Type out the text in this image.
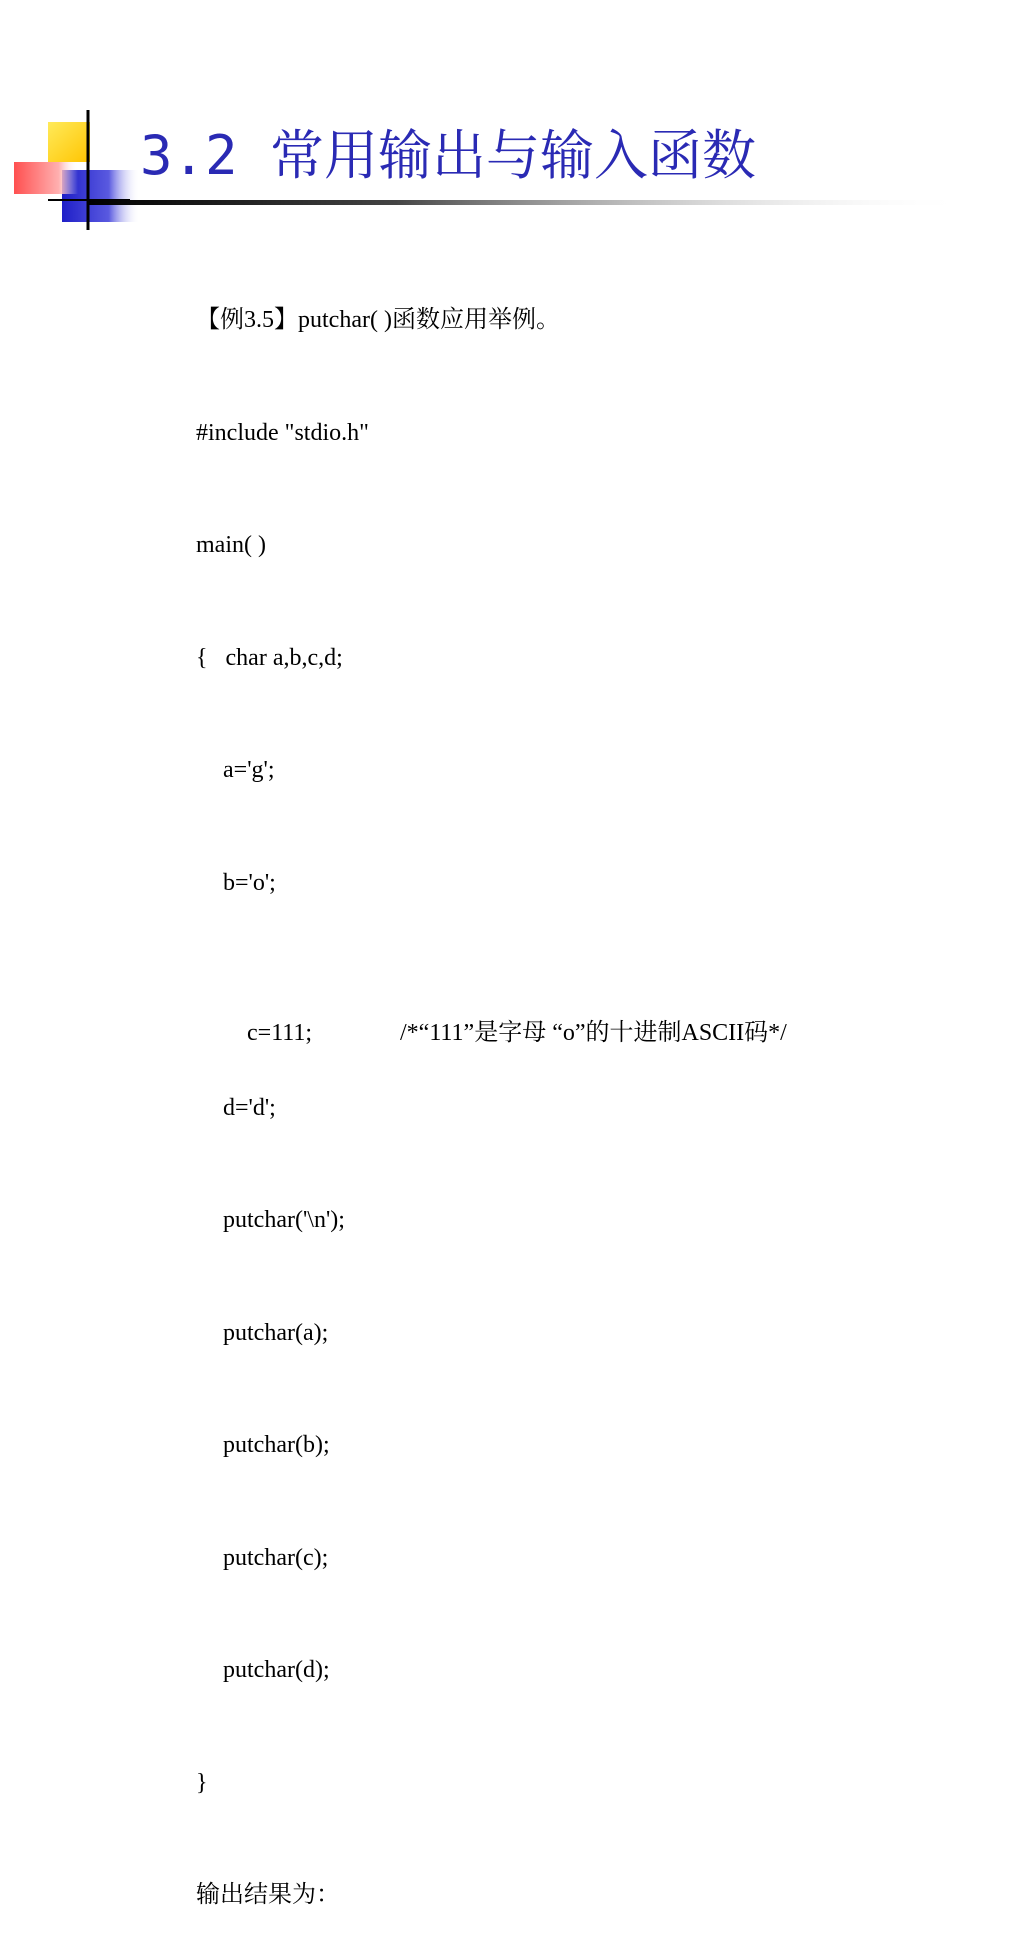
3.2 常用输出与输入函数

【例3.5】putchar( )函数应用举例。

#include "stdio.h"

main( )

{   char a,b,c,d;

a='g';

b='o';

c=111;	/*“111”是字母 “o”的十进制ASCII码*/

d='d';

putchar('\n');

putchar(a);

putchar(b);

putchar(c);

putchar(d);

}

输出结果为：
